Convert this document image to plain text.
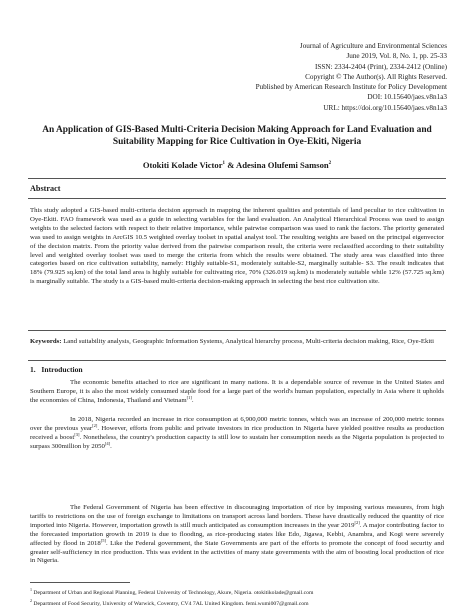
Journal of Agriculture and Environmental Sciences
June 2019, Vol. 8, No. 1, pp. 25-33
ISSN: 2334-2404 (Print), 2334-2412 (Online)
Copyright © The Author(s). All Rights Reserved.
Published by American Research Institute for Policy Development
DOI: 10.15640/jaes.v8n1a3
URL: https://doi.org/10.15640/jaes.v8n1a3
An Application of GIS-Based Multi-Criteria Decision Making Approach for Land Evaluation and Suitability Mapping for Rice Cultivation in Oye-Ekiti, Nigeria
Otokiti Kolade Victor$^1$ & Adesina Olufemi Samson$^2$
Abstract
This study adopted a GIS-based multi-criteria decision approach in mapping the inherent qualities and potentials of land peculiar to rice cultivation in Oye-Ekiti. FAO framework was used as a guide in selecting variables for the land evaluation. An Analytical Hierarchical Process was used to assign weights to the selected factors with respect to their relative importance, while pairwise comparison was used to rank the factors. The priority generated was used to assign weights in ArcGIS 10.5 weighted overlay toolset in spatial analyst tool. The resulting weights are based on the principal eigenvector of the decision matrix. From the priority value derived from the pairwise comparison result, the criteria were reclassified according to their suitability level and weighted overlay toolset was used to merge the criteria from which the results were obtained. The study area was classified into three categories based on rice cultivation suitability, namely: Highly suitable-S1, moderately suitable-S2, marginally suitable- S3. The result indicates that 18% (79.925 sq.km) of the total land area is highly suitable for cultivating rice, 70% (326.019 sq.km) is moderately suitable while 12% (57.725 sq.km) is marginally suitable. The study is a GIS-based multi-criteria decision-making approach in selecting the best rice cultivation site.
Keywords: Land suitability analysis, Geographic Information Systems, Analytical hierarchy process, Multi-criteria decision making, Rice, Oye-Ekiti
1. Introduction
The economic benefits attached to rice are significant in many nations. It is a dependable source of revenue in the United States and Southern Europe, it is also the most widely consumed staple food for a large part of the world's human population, especially in Asia where it upholds the economies of China, Indonesia, Thailand and Vietnam[1].
In 2018, Nigeria recorded an increase in rice consumption at 6,900,000 metric tonnes, which was an increase of 200,000 metric tonnes over the previous year[2]. However, efforts from public and private investors in rice production in Nigeria have yielded positive results as production received a boost[3]. Nonetheless, the country's production capacity is still low to sustain her consumption needs as the Nigeria population is projected to surpass 300million by 2050[4].
The Federal Government of Nigeria has been effective in discouraging importation of rice by imposing various measures, from high tariffs to restrictions on the use of foreign exchange to limitations on transport across land borders. These have drastically reduced the quantity of rice imported into Nigeria. However, importation growth is still much anticipated as consumption increases in the year 2019[2]. A major contributing factor to the forecasted importation growth in 2019 is due to flooding, as rice-producing states like Edo, Jigawa, Kebbi, Anambra, and Kogi were severely affected by flood in 2018[5]. Like the Federal government, the State Governments are part of the efforts to promote the concept of food security and greater self-sufficiency in rice production. This was evident in the activities of many state governments with the aim of boosting local production of rice in Nigeria.
$^1$ Department of Urban and Regional Planning, Federal University of Technology, Akure, Nigeria. otokitikolade@gmail.com
$^2$ Department of Food Security, University of Warwick, Coventry, CV4 7AL United Kingdom. femi.wumi007@gmail.com
